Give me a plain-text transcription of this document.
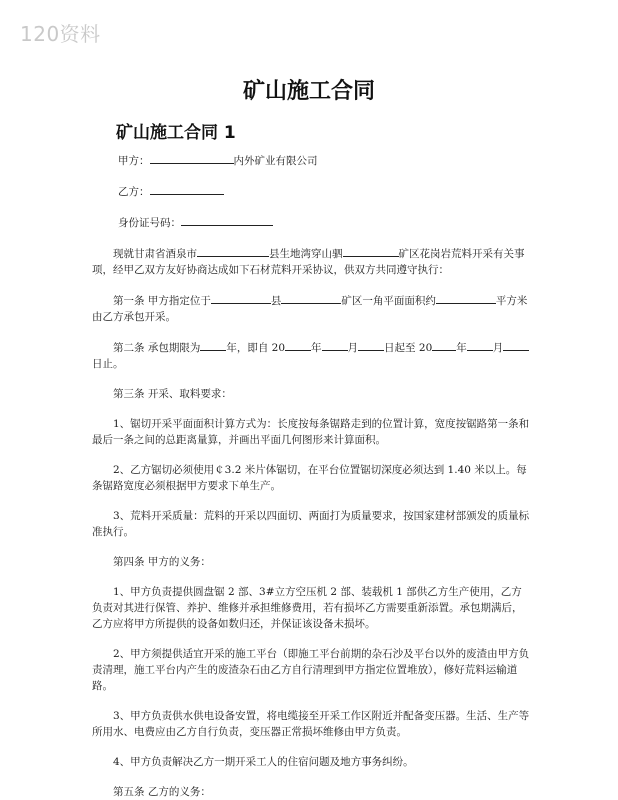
120资料
矿山施工合同
矿山施工合同 1

甲方：	内外矿业有限公司

乙方：

身份证号码：

现就甘肃省酒泉市	县生地湾穿山驷	矿区花岗岩荒料开采有关事项，经甲乙双方友好协商达成如下石材荒料开采协议，供双方共同遵守执行：

第一条 甲方指定位于	县	矿区一角平面面积约	平方米由乙方承包开采。

第二条 承包期限为 年，即自 20 年 月 日起至 20 年 月日止。

第三条 开采、取料要求：

1、锯切开采平面面积计算方式为：长度按每条锯路走到的位置计算，宽度按锯路第一条和最后一条之间的总距离量算，并画出平面几何图形来计算面积。

2、乙方锯切必须使用￠3.2 米片体锯切，在平台位置锯切深度必须达到 1.40 米以上。每条锯路宽度必须根据甲方要求下单生产。

3、荒料开采质量：荒料的开采以四面切、两面打为质量要求，按国家建材部颁发的质量标准执行。

第四条 甲方的义务：

1、甲方负责提供圆盘锯 2 部、3#立方空压机 2 部、装载机 1 部供乙方生产使用，乙方负责对其进行保管、养护、维修并承担维修费用，若有损坏乙方需要重新添置。承包期满后，乙方应将甲方所提供的设备如数归还，并保证该设备未损坏。

2、甲方须提供适宜开采的施工平台（即施工平台前期的杂石沙及平台以外的废渣由甲方负责清理，施工平台内产生的废渣杂石由乙方自行清理到甲方指定位置堆放），修好荒料运输道路。

3、甲方负责供水供电设备安置，将电缆接至开采工作区附近并配备变压器。生活、生产等所用水、电费应由乙方自行负责，变压器正常损坏维修由甲方负责。

4、甲方负责解决乙方一期开采工人的住宿问题及地方事务纠纷。

第五条 乙方的义务：
